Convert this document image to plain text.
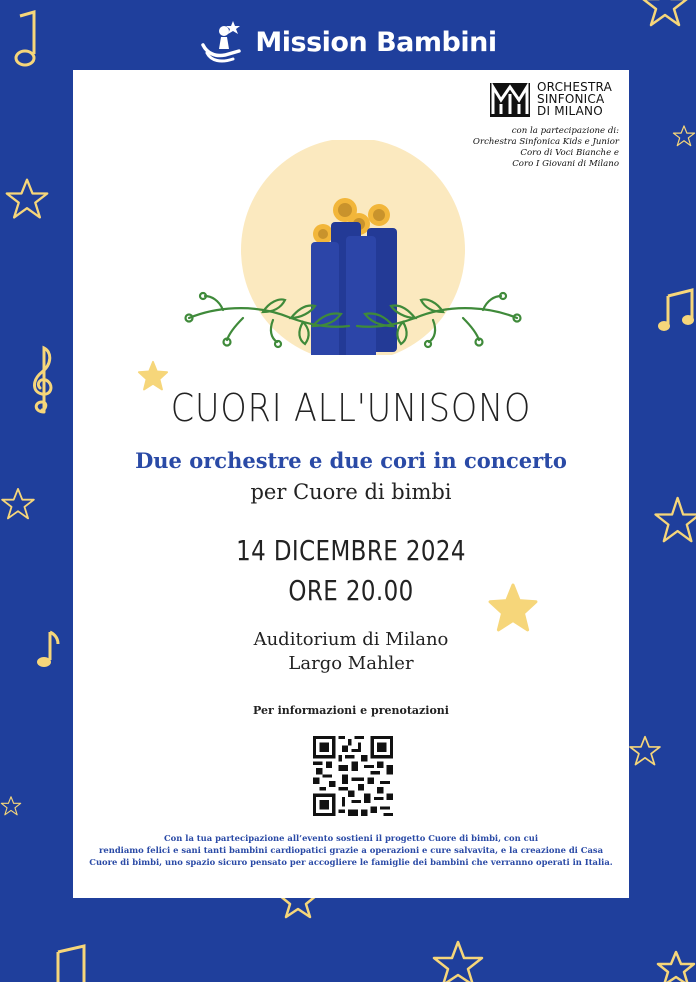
Mission Bambini
ORCHESTRA
SINFONICA
DI MILANO
con la partecipazione di:
Orchestra Sinfonica Kids e Junior
Coro di Voci Bianche e
Coro I Giovani di Milano
CUORI ALL'UNISONO
Due orchestre e due cori in concerto
per Cuore di bimbi
14 DICEMBRE 2024
ORE 20.00
Auditorium di Milano
Largo Mahler
Per informazioni e prenotazioni
Con la tua partecipazione all’evento sostieni il progetto Cuore di bimbi, con cui
rendiamo felici e sani tanti bambini cardiopatici grazie a operazioni e cure salvavita, e la creazione di Casa
Cuore di bimbi, uno spazio sicuro pensato per accogliere le famiglie dei bambini che verranno operati in Italia.
